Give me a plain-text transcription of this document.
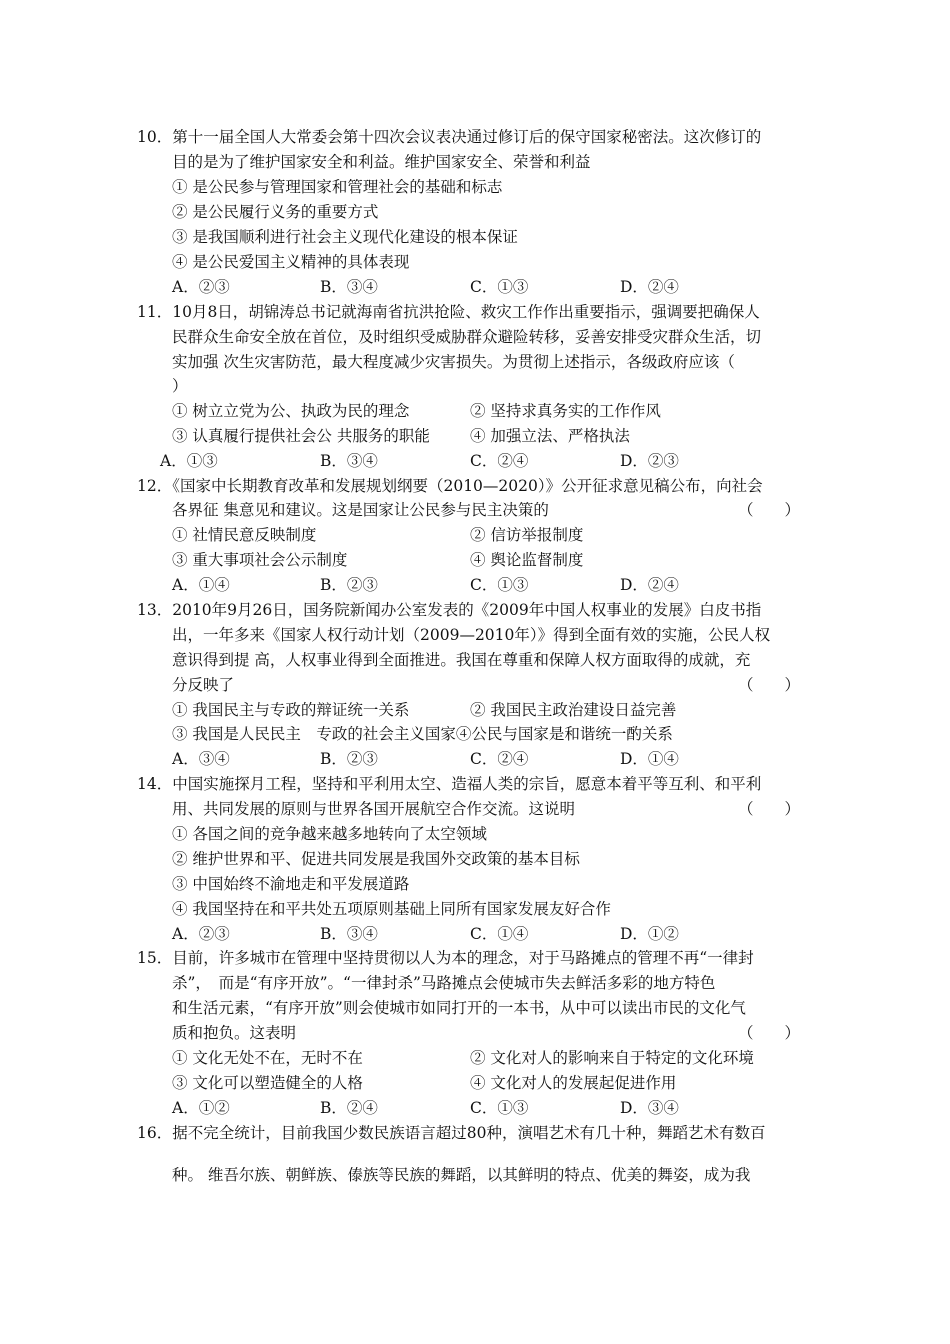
10．第十一届全国人大常委会第十四次会议表决通过修订后的保守国家秘密法。这次修订的
目的是为了维护国家安全和利益。维护国家安全、荣誉和利益
① 是公民参与管理国家和管理社会的基础和标志
② 是公民履行义务的重要方式
③ 是我国顺利进行社会主义现代化建设的根本保证
④ 是公民爱国主义精神的具体表现
A．②③	B．③④	C．①③	D．②④
11．10月8日，胡锦涛总书记就海南省抗洪抢险、救灾工作作出重要指示，强调要把确保人
民群众生命安全放在首位，及时组织受威胁群众避险转移，妥善安排受灾群众生活，切
实加强 次生灾害防范，最大程度减少灾害损失。为贯彻上述指示，各级政府应该（
）
① 树立立党为公、执政为民的理念	② 坚持求真务实的工作作风
③ 认真履行提供社会公 共服务的职能	④ 加强立法、严格执法
A．①③	B．③④	C．②④	D．②③
12．《国家中长期教育改革和发展规划纲要（2010—2020）》公开征求意见稿公布，向社会
各界征 集意见和建议。这是国家让公民参与民主决策的	（　　）
① 社情民意反映制度	② 信访举报制度
③ 重大事项社会公示制度	④ 舆论监督制度
A．①④	B．②③	C．①③	D．②④
13．2010年9月26日，国务院新闻办公室发表的《2009年中国人权事业的发展》白皮书指
出，一年多来《国家人权行动计划（2009—2010年）》得到全面有效的实施，公民人权
意识得到提 高，人权事业得到全面推进。我国在尊重和保障人权方面取得的成就，充
分反映了	（　　）
① 我国民主与专政的辩证统一关系	② 我国民主政治建设日益完善
③ 我国是人民民主　专政的社会主义国家④公民与国家是和谐统一酌关系
A．③④	B．②③	C．②④	D．①④
14．中国实施探月工程，坚持和平利用太空、造福人类的宗旨，愿意本着平等互利、和平利
用、共同发展的原则与世界各国开展航空合作交流。这说明	（　　）
① 各国之间的竞争越来越多地转向了太空领域
② 维护世界和平、促进共同发展是我国外交政策的基本目标
③ 中国始终不渝地走和平发展道路
④ 我国坚持在和平共处五项原则基础上同所有国家发展友好合作
A．②③	B．③④	C．①④	D．①②
15．目前，许多城市在管理中坚持贯彻以人为本的理念，对于马路摊点的管理不再“一律封
杀”，　而是“有序开放”。“一律封杀”马路摊点会使城市失去鲜活多彩的地方特色
和生活元素，“有序开放”则会使城市如同打开的一本书，从中可以读出市民的文化气
质和抱负。这表明	（　　）
① 文化无处不在，无时不在	② 文化对人的影响来自于特定的文化环境
③ 文化可以塑造健全的人格	④ 文化对人的发展起促进作用
A．①②	B．②④	C．①③	D．③④
16．据不完全统计，目前我国少数民族语言超过80种，演唱艺术有几十种，舞蹈艺术有数百
种。 维吾尔族、朝鲜族、傣族等民族的舞蹈，以其鲜明的特点、优美的舞姿，成为我
